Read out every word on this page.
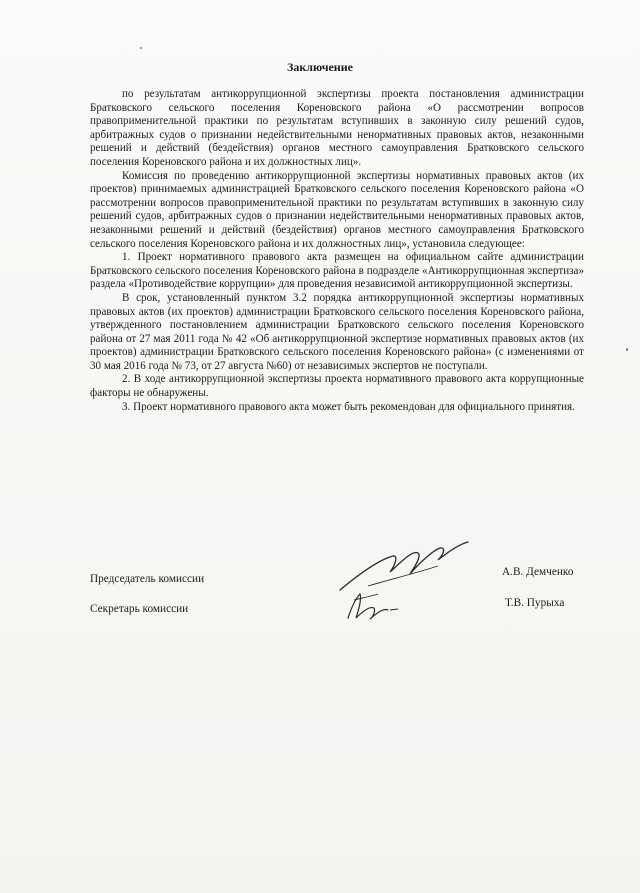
Заключение

по результатам антикоррупционной экспертизы проекта постановления администрации Братковского сельского поселения Кореновского района «О рассмотрении вопросов правоприменительной практики по результатам вступивших в законную силу решений судов, арбитражных судов о признании недействительными ненормативных правовых актов, незаконными решений и действий (бездействия) органов местного самоуправления Братковского сельского поселения Кореновского района и их должностных лиц».

Комиссия по проведению антикоррупционной экспертизы нормативных правовых актов (их проектов) принимаемых администрацией Братковского сельского поселения Кореновского района «О рассмотрении вопросов правоприменительной практики по результатам вступивших в законную силу решений судов, арбитражных судов о признании недействительными ненормативных правовых актов, незаконными решений и действий (бездействия) органов местного самоуправления Братковского сельского поселения Кореновского района и их должностных лиц», установила следующее:

1. Проект нормативного правового акта размещен на официальном сайте администрации Братковского сельского поселения Кореновского района в подразделе «Антикоррупционная экспертиза» раздела «Противодействие коррупции» для проведения независимой антикоррупционной экспертизы.

В срок, установленный пунктом 3.2 порядка антикоррупционной экспертизы нормативных правовых актов (их проектов) администрации Братковского сельского поселения Кореновского района, утвержденного постановлением администрации Братковского сельского поселения Кореновского района от 27 мая 2011 года № 42 «Об антикоррупционной экспертизе нормативных правовых актов (их проектов) администрации Братковского сельского поселения Кореновского района» (с изменениями от 30 мая 2016 года № 73, от 27 августа №60) от независимых экспертов не поступали.

2. В ходе антикоррупционной экспертизы проекта нормативного правового акта коррупционные факторы не обнаружены.

3. Проект нормативного правового акта может быть рекомендован для официального принятия.

Председатель комиссии
А.В. Демченко
Секретарь комиссии	Т.В. Пурыха
